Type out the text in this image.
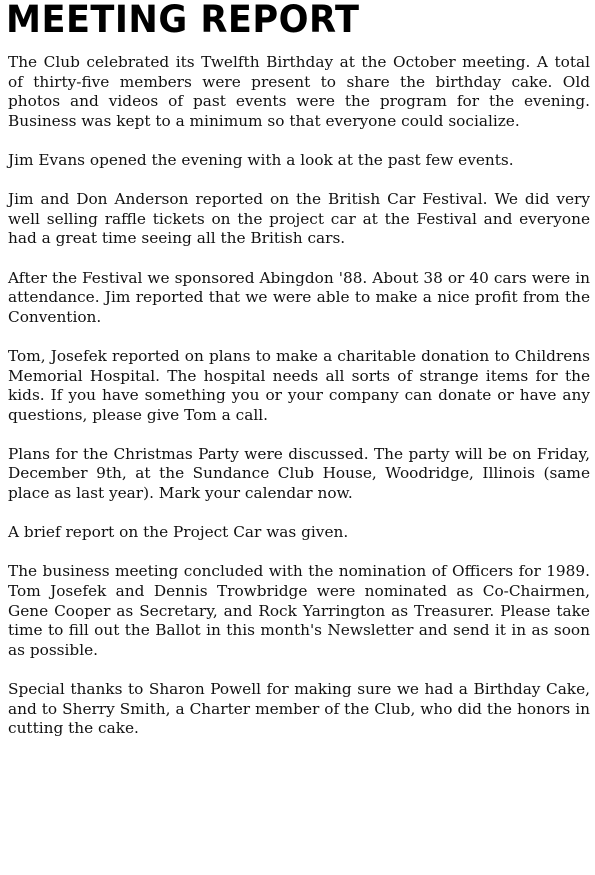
MEETING REPORT

The Club celebrated its Twelfth Birthday at the October meeting. A total of thirty-five members were present to share the birthday cake. Old photos and videos of past events were the program for the evening. Business was kept to a minimum so that everyone could socialize.

Jim Evans opened the evening with a look at the past few events.

Jim and Don Anderson reported on the British Car Festival. We did very well selling raffle tickets on the project car at the Festival and everyone had a great time seeing all the British cars.

After the Festival we sponsored Abingdon '88. About 38 or 40 cars were in attendance. Jim reported that we were able to make a nice profit from the Convention.

Tom, Josefek reported on plans to make a charitable donation to Childrens Memorial Hospital. The hospital needs all sorts of strange items for the kids. If you have something you or your company can donate or have any questions, please give Tom a call.

Plans for the Christmas Party were discussed. The party will be on Friday, December 9th, at the Sundance Club House, Woodridge, Illinois (same place as last year). Mark your calendar now.

A brief report on the Project Car was given.

The business meeting concluded with the nomination of Officers for 1989. Tom Josefek and Dennis Trowbridge were nominated as Co-Chairmen, Gene Cooper as Secretary, and Rock Yarrington as Treasurer. Please take time to fill out the Ballot in this month's Newsletter and send it in as soon as possible.

Special thanks to Sharon Powell for making sure we had a Birthday Cake, and to Sherry Smith, a Charter member of the Club, who did the honors in cutting the cake.
